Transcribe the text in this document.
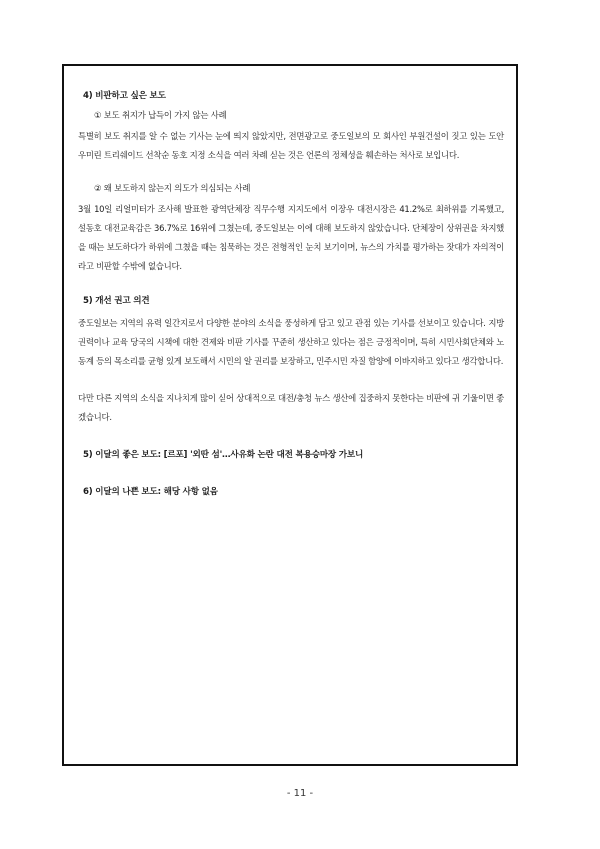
4) 비판하고 싶은 보도
① 보도 취지가 납득이 가지 않는 사례

특별히 보도 취지를 알 수 없는 기사는 눈에 띄지 않았지만, 전면광고로 중도일보의 모 회사인 부원건설이 짓고 있는 도안 우미린 트리쉐이드 선착순 동호 지정 소식을 여러 차례 싣는 것은 언론의 정체성을 훼손하는 처사로 보입니다.

② 왜 보도하지 않는지 의도가 의심되는 사례

3월 10일 리얼미터가 조사해 발표한 광역단체장 직무수행 지지도에서 이장우 대전시장은 41.2%로 최하위를 기록했고, 설동호 대전교육감은 36.7%로 16위에 그쳤는데, 중도일보는 이에 대해 보도하지 않았습니다. 단체장이 상위권을 차지했을 때는 보도하다가 하위에 그쳤을 때는 침묵하는 것은 전형적인 눈치 보기이며, 뉴스의 가치를 평가하는 잣대가 자의적이라고 비판할 수밖에 없습니다.

5) 개선 권고 의견

중도일보는 지역의 유력 일간지로서 다양한 분야의 소식을 풍성하게 담고 있고 관점 있는 기사를 선보이고 있습니다. 지방 권력이나 교육 당국의 시책에 대한 견제와 비판 기사를 꾸준히 생산하고 있다는 점은 긍정적이며, 특히 시민사회단체와 노동계 등의 목소리를 균형 있게 보도해서 시민의 알 권리를 보장하고, 민주시민 자질 함양에 이바지하고 있다고 생각합니다.

다만 다른 지역의 소식을 지나치게 많이 싣어 상대적으로 대전/충청 뉴스 생산에 집중하지 못한다는 비판에 귀 기울이면 좋겠습니다.

5) 이달의 좋은 보도: [르포] '외딴 섬'…사유화 논란 대전 복용승마장 가보니
6) 이달의 나쁜 보도: 해당 사항 없음
- 11 -
